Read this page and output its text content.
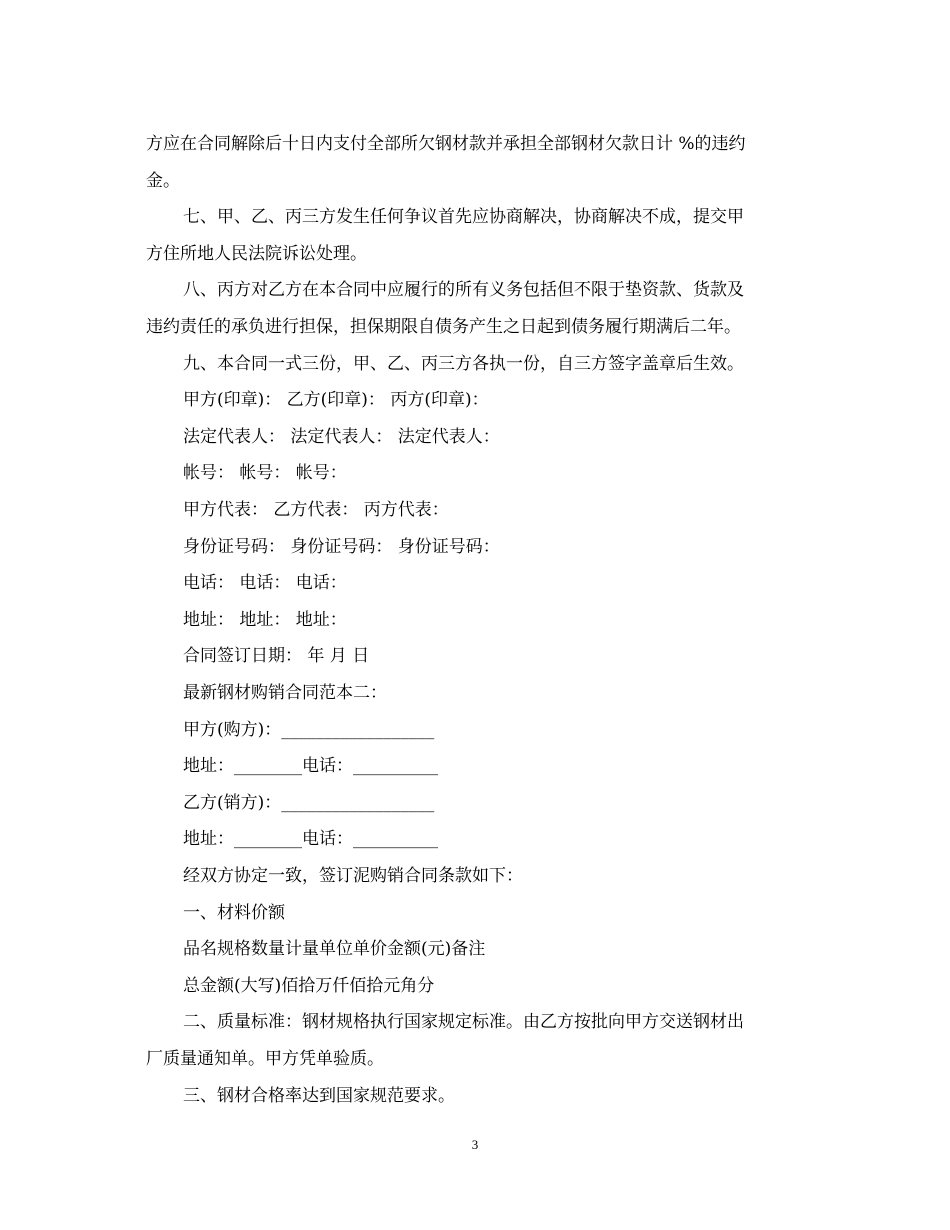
方应在合同解除后十日内支付全部所欠钢材款并承担全部钢材欠款日计 %的违约
金。
七、甲、乙、丙三方发生任何争议首先应协商解决，协商解决不成，提交甲
方住所地人民法院诉讼处理。
八、丙方对乙方在本合同中应履行的所有义务包括但不限于垫资款、货款及
违约责任的承负进行担保，担保期限自债务产生之日起到债务履行期满后二年。
九、本合同一式三份，甲、乙、丙三方各执一份，自三方签字盖章后生效。
甲方(印章)： 乙方(印章)： 丙方(印章)：
法定代表人： 法定代表人： 法定代表人：
帐号： 帐号： 帐号：
甲方代表： 乙方代表： 丙方代表：
身份证号码： 身份证号码： 身份证号码：
电话： 电话： 电话：
地址： 地址： 地址：
合同签订日期： 年 月 日
最新钢材购销合同范本二：
甲方(购方)：__________________
地址：________电话：__________
乙方(销方)：__________________
地址：________电话：__________
经双方协定一致，签订泥购销合同条款如下：
一、材料价额
品名规格数量计量单位单价金额(元)备注
总金额(大写)佰拾万仟佰拾元角分
二、质量标准：钢材规格执行国家规定标准。由乙方按批向甲方交送钢材出
厂质量通知单。甲方凭单验质。
三、钢材合格率达到国家规范要求。
3
